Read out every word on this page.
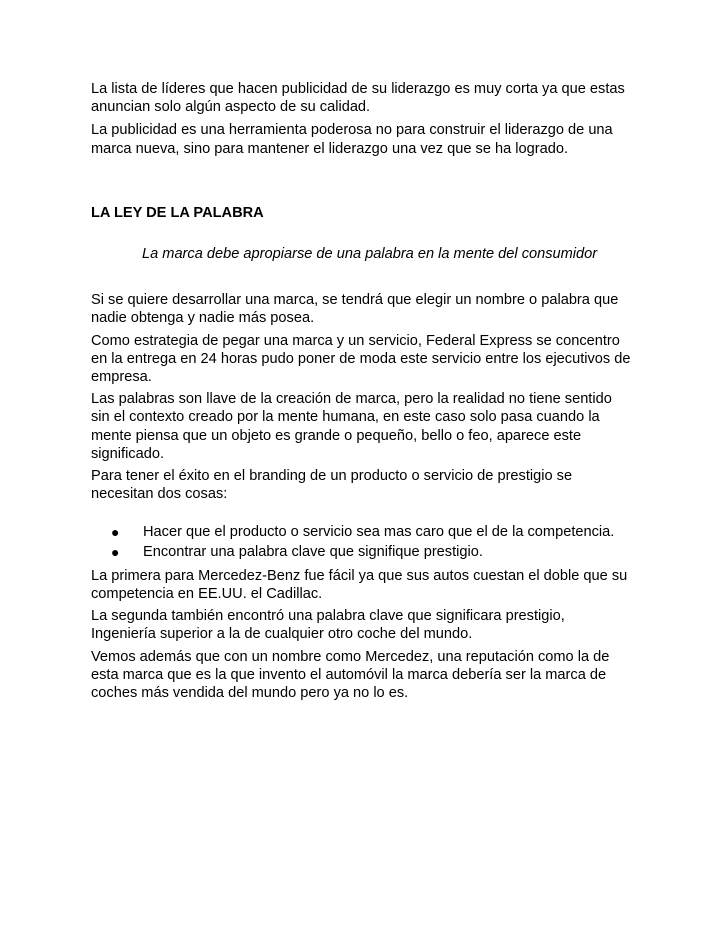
La lista de líderes que hacen publicidad de su liderazgo es muy corta ya que estas anuncian solo algún aspecto de su calidad.

La publicidad es una herramienta poderosa no para construir el liderazgo de una marca nueva, sino para mantener el liderazgo una vez que se ha logrado.

LA LEY DE LA PALABRA

La marca debe apropiarse de una palabra en la mente del consumidor

Si se quiere desarrollar una marca, se tendrá que elegir un nombre o palabra que nadie obtenga y nadie más posea.

Como estrategia de pegar una marca y un servicio, Federal Express se concentro en la entrega en 24 horas pudo poner de moda este servicio entre los ejecutivos de empresa.

Las palabras son llave de la creación de marca, pero la realidad no tiene sentido sin el contexto creado por la mente humana, en este caso solo pasa cuando la mente piensa que un objeto es grande o pequeño, bello o feo, aparece este significado.

Para tener el éxito en el branding de un producto o servicio de prestigio se necesitan dos cosas:

● Hacer que el producto o servicio sea mas caro que el de la competencia.
● Encontrar una palabra clave que signifique prestigio.

La primera para Mercedez-Benz fue fácil ya que sus autos cuestan el doble que su competencia en EE.UU. el Cadillac.

La segunda también encontró una palabra clave que significara prestigio, Ingeniería superior a la de cualquier otro coche del mundo.

Vemos además que con un nombre como Mercedez, una reputación como la de esta marca que es la que invento el automóvil la marca debería ser la marca de coches más vendida del mundo pero ya no lo es.
